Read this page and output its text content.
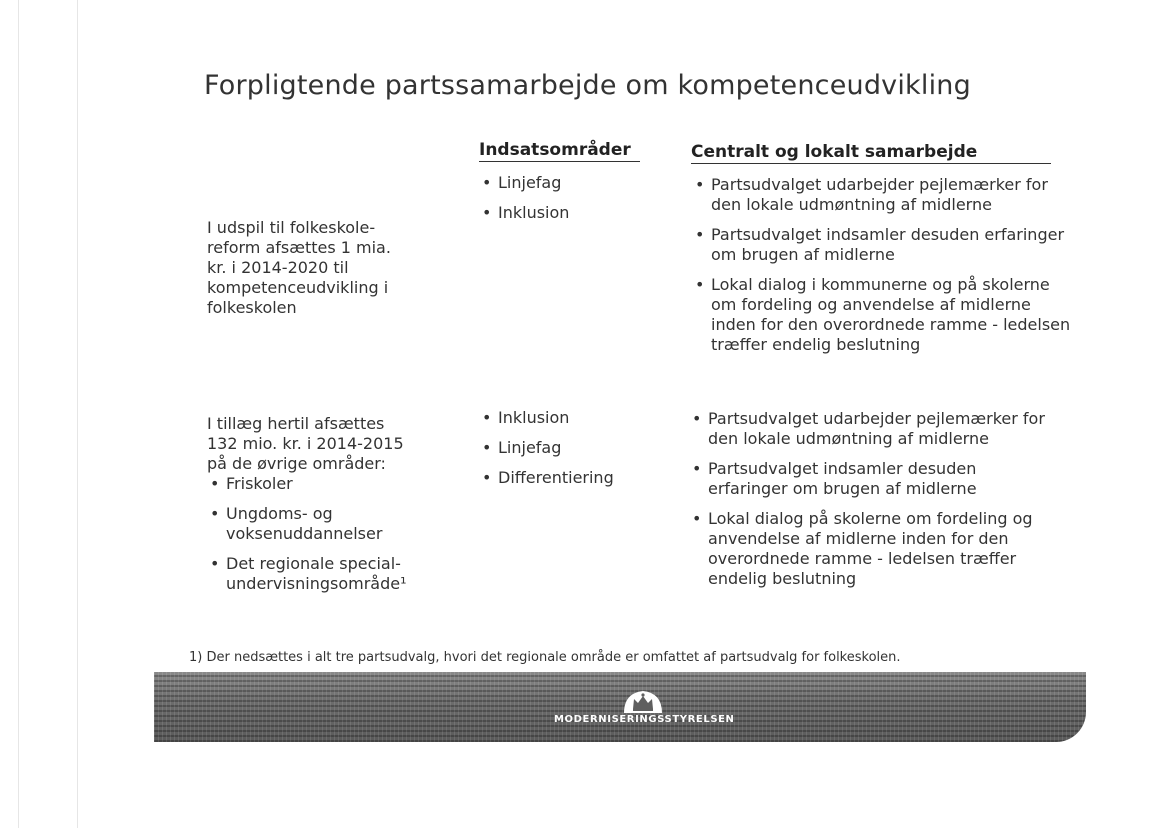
Forpligtende partssamarbejde om kompetenceudvikling
Indsatsområder	Centralt og lokalt samarbejde
I udspil til folkeskole-
reform afsættes 1 mia.
kr. i 2014-2020 til
kompetenceudvikling i
folkeskolen
• Linjefag
• Inklusion
• Partsudvalget udarbejder pejlemærker for den lokale udmøntning af midlerne
• Partsudvalget indsamler desuden erfaringer om brugen af midlerne
• Lokal dialog i kommunerne og på skolerne om fordeling og anvendelse af midlerne inden for den overordnede ramme - ledelsen træffer endelig beslutning
I tillæg hertil afsættes
132 mio. kr. i 2014-2015
på de øvrige områder:
• Friskoler
• Ungdoms- og voksenuddannelser
• Det regionale special-undervisningsområde¹
• Inklusion
• Linjefag
• Differentiering
• Partsudvalget udarbejder pejlemærker for den lokale udmøntning af midlerne
• Partsudvalget indsamler desuden erfaringer om brugen af midlerne
• Lokal dialog på skolerne om fordeling og anvendelse af midlerne inden for den overordnede ramme - ledelsen træffer endelig beslutning
1) Der nedsættes i alt tre partsudvalg, hvori det regionale område er omfattet af partsudvalg for folkeskolen.
MODERNISERINGSSTYRELSEN
